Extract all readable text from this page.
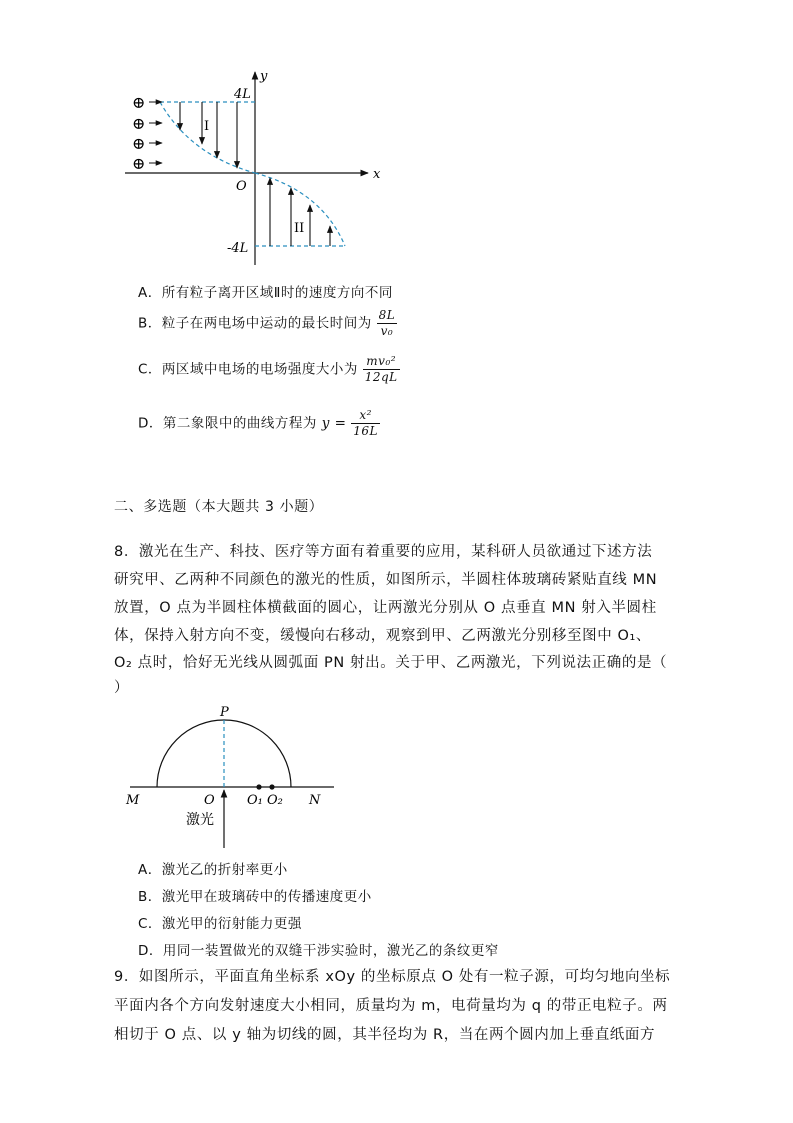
⊕
⊕
⊕
⊕
y
x
O
4L
-4L
I
II
A．所有粒子离开区域Ⅱ时的速度方向不同
B．粒子在两电场中运动的最长时间为 $\frac{8L}{\text{v₀}}$
C．两区域中电场的电场强度大小为 $\frac{\text{mv₀²}}{12qL}$
D．第二象限中的曲线方程为 $y = \frac{\text{x²}}{16L}$
二、多选题（本大题共 3 小题）
8．激光在生产、科技、医疗等方面有着重要的应用，某科研人员欲通过下述方法
研究甲、乙两种不同颜色的激光的性质，如图所示，半圆柱体玻璃砖紧贴直线 MN
放置，O 点为半圆柱体横截面的圆心，让两激光分别从 O 点垂直 MN 射入半圆柱
体，保持入射方向不变，缓慢向右移动，观察到甲、乙两激光分别移至图中 O₁、
O₂ 点时，恰好无光线从圆弧面 PN 射出。关于甲、乙两激光，下列说法正确的是（
）
P
M	O O₁ O₂ N
激光
A．激光乙的折射率更小
B．激光甲在玻璃砖中的传播速度更小
C．激光甲的衍射能力更强
D．用同一装置做光的双缝干涉实验时，激光乙的条纹更窄
9．如图所示，平面直角坐标系 xOy 的坐标原点 O 处有一粒子源，可均匀地向坐标
平面内各个方向发射速度大小相同，质量均为 m，电荷量均为 q 的带正电粒子。两
相切于 O 点、以 y 轴为切线的圆，其半径均为 R，当在两个圆内加上垂直纸面方
